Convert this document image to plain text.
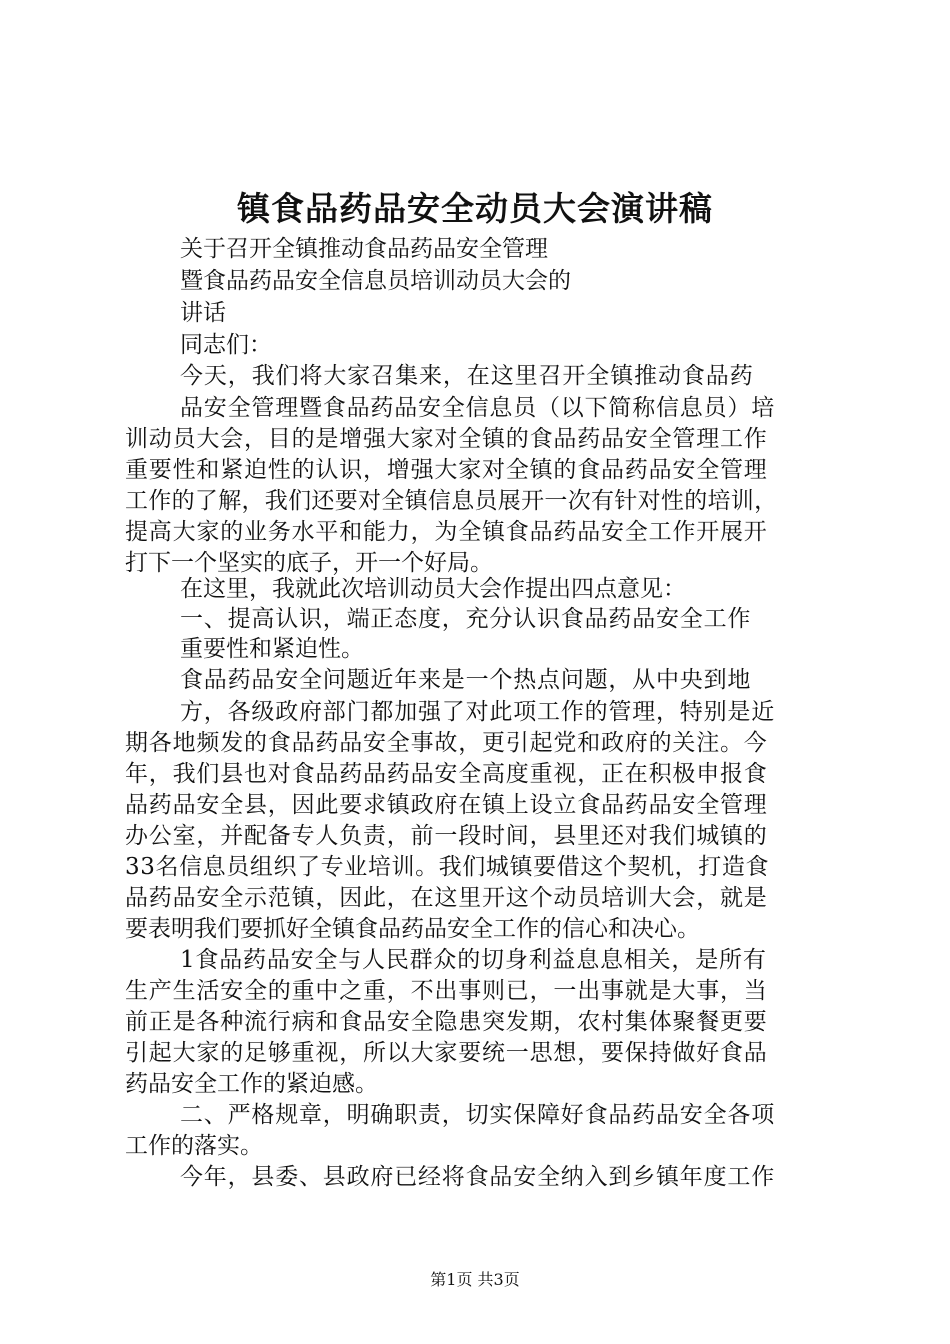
镇食品药品安全动员大会演讲稿
关于召开全镇推动食品药品安全管理
暨食品药品安全信息员培训动员大会的
讲话
同志们：
今天，我们将大家召集来，在这里召开全镇推动食品药
品安全管理暨食品药品安全信息员（以下简称信息员）培
训动员大会，目的是增强大家对全镇的食品药品安全管理工作
重要性和紧迫性的认识，增强大家对全镇的食品药品安全管理
工作的了解，我们还要对全镇信息员展开一次有针对性的培训，
提高大家的业务水平和能力，为全镇食品药品安全工作开展开
打下一个坚实的底子，开一个好局。
在这里，我就此次培训动员大会作提出四点意见：
一、提高认识，端正态度，充分认识食品药品安全工作
重要性和紧迫性。
食品药品安全问题近年来是一个热点问题，从中央到地
方，各级政府部门都加强了对此项工作的管理，特别是近
期各地频发的食品药品安全事故，更引起党和政府的关注。今
年，我们县也对食品药品药品安全高度重视，正在积极申报食
品药品安全县，因此要求镇政府在镇上设立食品药品安全管理
办公室，并配备专人负责，前一段时间，县里还对我们城镇的
33名信息员组织了专业培训。我们城镇要借这个契机，打造食
品药品安全示范镇，因此，在这里开这个动员培训大会，就是
要表明我们要抓好全镇食品药品安全工作的信心和决心。
1食品药品安全与人民群众的切身利益息息相关，是所有
生产生活安全的重中之重，不出事则已，一出事就是大事，当
前正是各种流行病和食品安全隐患突发期，农村集体聚餐更要
引起大家的足够重视，所以大家要统一思想，要保持做好食品
药品安全工作的紧迫感。
二、严格规章，明确职责，切实保障好食品药品安全各项
工作的落实。
今年，县委、县政府已经将食品安全纳入到乡镇年度工作
第1页 共3页
